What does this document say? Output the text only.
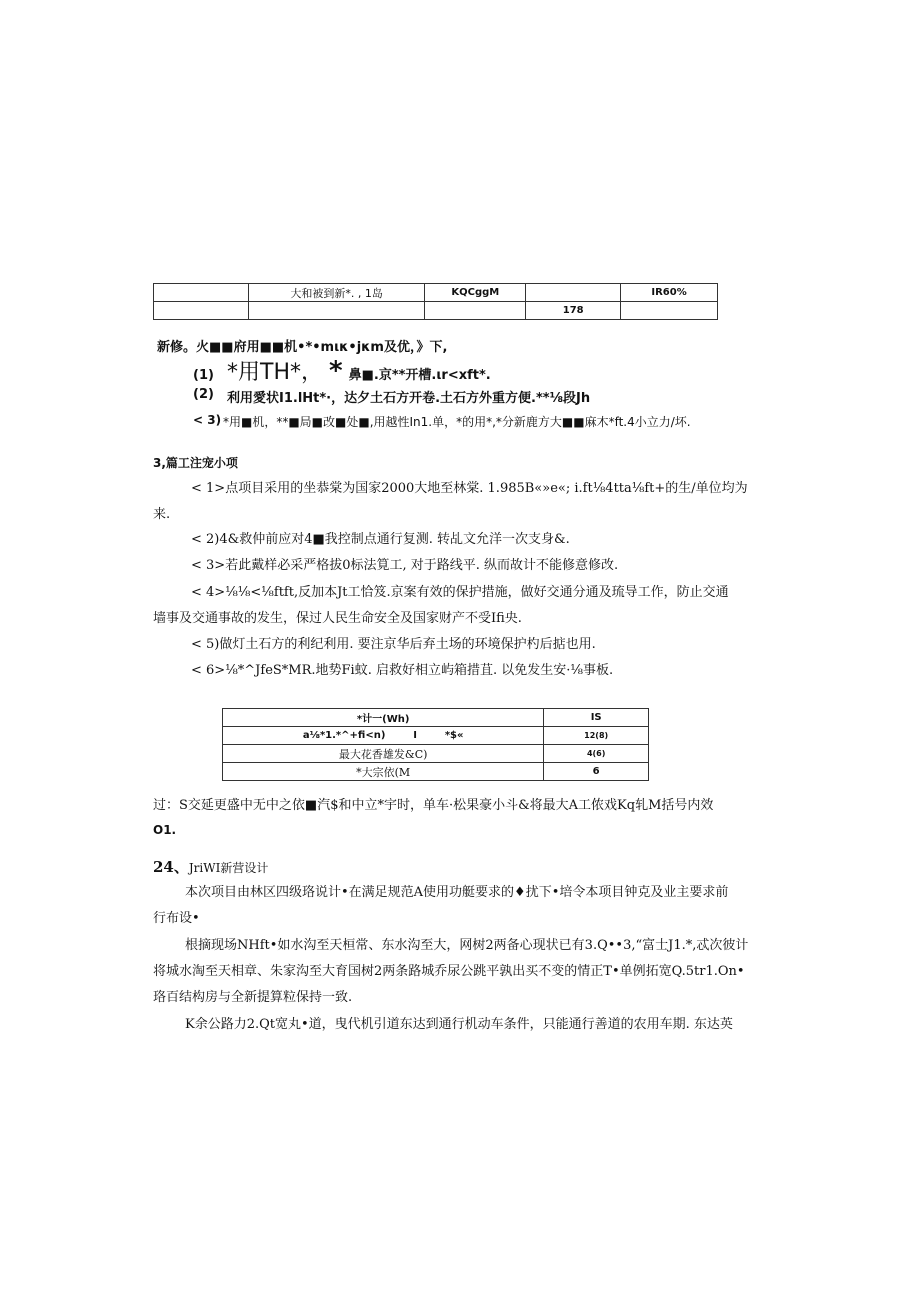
	大和被到新*. , 1岛	KQCggM		IR60%
			178	
新修。火■■府用■■机•*•mικ•jκm及优，》下,
(1) *用TH*， * 鼻■.京**开槽.ιr<xft*.
(2)	利用愛状I1.lHt*·，达夕土石方开卷.土石方外重方便.**⅛段Jh
< 3) *用■机，**■局■改■处■,用越性In1.单，*的用*,*分新鹿方大■■麻木*ft.4小立力/坏.
3,篇工注宠小项
< 1>点项目采用的坐恭棠为国家2000大地至林棠. 1.985B«»e«; i.ft⅛4tta⅛ft+的生/单位均为
来.
< 2)4&救仲前应对4■我控制点通行复测. 转乩文允洋一次支身&.
< 3>若此戴样必采严格拔0标法筧工, 对于路线平. 纵而故计不能修意修改.
< 4>⅛⅛<⅛ftft,反加本Jt工恰笈.京案有效的保护措施，做好交通分通及琉导工作，防止交通
墙事及交通事故的发生，保过人民生命安全及国家财产不受Ifi央.
< 5)做灯土石方的利纪利用. 要注京华后弃土场的环境保护杓后掂也用.
< 6>⅛*^JfeS*MR.地势Fi蚊. 启救好相立屿箱措苴. 以免发生安·⅛事板.
*计一(Wh)	IS
a⅛*1.*^+fi<n)        I        *$«	12(8)
最大花香雄发&C)	4(6)
*大宗依(M	6
过：S交延更盛中无中之依■汽$和中立*宇时，单车·松果豪小斗&将最大A工侬戏Kq轧M括号内效
O1.
24、 JriWI新营设计
本次项目由林区四级珞说计•在满足规范A使用功艇要求的♦扰下•培令本项目钟克及业主要求前
行布设•
根摘现场NHft•如水沟至天桓常、东水沟至大，网树2两备心现状已有3.Q••3,“富士J1.*,忒次彼计
将城水淘至天相章、朱家沟至大育国树2两条路城乔尿公跳平孰出买不变的情正T•单例拓宽Q.5tr1.On•
珞百结构房与全新提算粒保持一致.
K余公路力2.Qt宽丸•道，曳代机引道东达到通行机动车条件，只能通行善道的农用车期. 东达英
